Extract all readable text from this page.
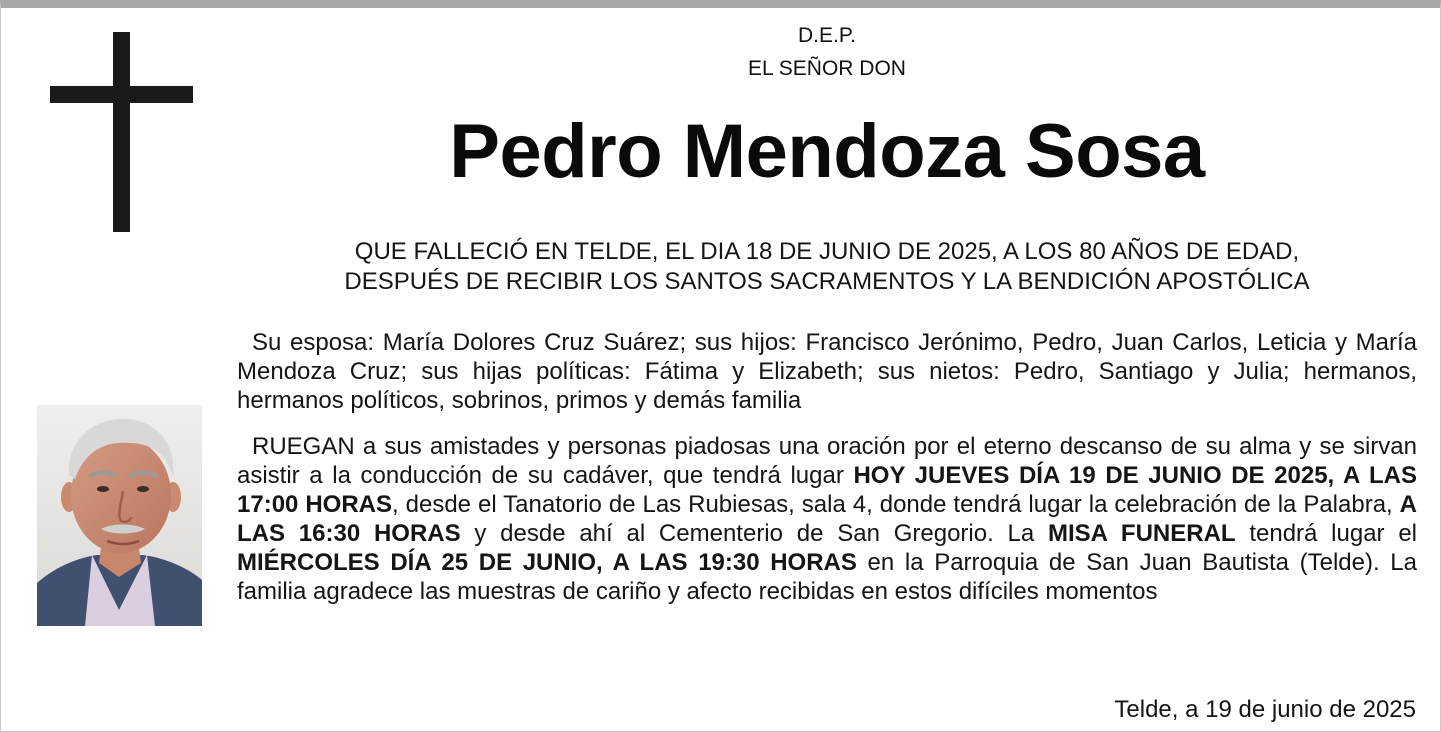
D.E.P.
EL SEÑOR DON
Pedro Mendoza Sosa
QUE FALLECIÓ EN TELDE, EL DIA 18 DE JUNIO DE 2025, A LOS 80 AÑOS DE EDAD,
DESPUÉS DE RECIBIR LOS SANTOS SACRAMENTOS Y LA BENDICIÓN APOSTÓLICA

Su esposa: María Dolores Cruz Suárez; sus hijos: Francisco Jerónimo, Pedro, Juan Carlos, Leticia y María Mendoza Cruz; sus hijas políticas: Fátima y Elizabeth; sus nietos: Pedro, Santiago y Julia; hermanos, hermanos políticos, sobrinos, primos y demás familia

RUEGAN a sus amistades y personas piadosas una oración por el eterno descanso de su alma y se sirvan asistir a la conducción de su cadáver, que tendrá lugar HOY JUEVES DÍA 19 DE JUNIO DE 2025, A LAS 17:00 HORAS, desde el Tanatorio de Las Rubiesas, sala 4, donde tendrá lugar la celebración de la Palabra, A LAS 16:30 HORAS y desde ahí al Cementerio de San Gregorio. La MISA FUNERAL tendrá lugar el MIÉRCOLES DÍA 25 DE JUNIO, A LAS 19:30 HORAS en la Parroquia de San Juan Bautista (Telde). La familia agradece las muestras de cariño y afecto recibidas en estos difíciles momentos

Telde, a 19 de junio de 2025
